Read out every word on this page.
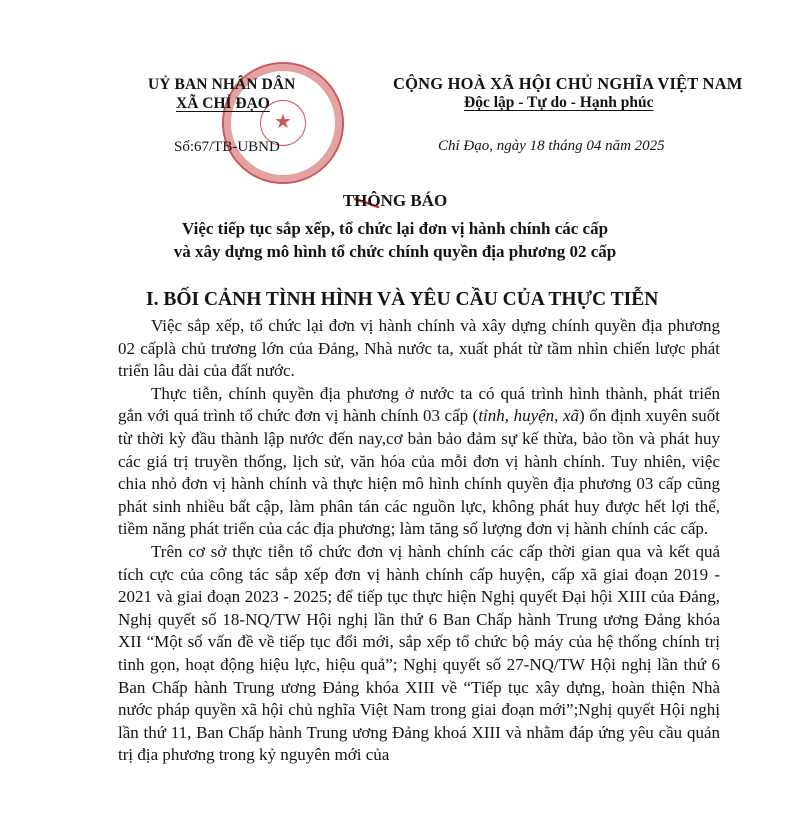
★
UỶ BAN NHÂN DÂN
XÃ CHỈ ĐẠO
Số:67/TB-UBND
CỘNG HOÀ XÃ HỘI CHỦ NGHĨA VIỆT NAM
Độc lập - Tự do - Hạnh phúc
Chỉ Đạo, ngày 18 tháng 04 năm 2025
THÔNG BÁO
Việc tiếp tục sắp xếp, tổ chức lại đơn vị hành chính các cấp
và xây dựng mô hình tổ chức chính quyền địa phương 02 cấp
I. BỐI CẢNH TÌNH HÌNH VÀ YÊU CẦU CỦA THỰC TIỄN

Việc sắp xếp, tổ chức lại đơn vị hành chính và xây dựng chính quyền địa phương 02 cấplà chủ trương lớn của Đảng, Nhà nước ta, xuất phát từ tầm nhìn chiến lược phát triển lâu dài của đất nước.

Thực tiễn, chính quyền địa phương ở nước ta có quá trình hình thành, phát triển gắn với quá trình tổ chức đơn vị hành chính 03 cấp (tỉnh, huyện, xã) ổn định xuyên suốt từ thời kỳ đầu thành lập nước đến nay,cơ bản bảo đảm sự kế thừa, bảo tồn và phát huy các giá trị truyền thống, lịch sử, văn hóa của mỗi đơn vị hành chính. Tuy nhiên, việc chia nhỏ đơn vị hành chính và thực hiện mô hình chính quyền địa phương 03 cấp cũng phát sinh nhiều bất cập, làm phân tán các nguồn lực, không phát huy được hết lợi thế, tiềm năng phát triển của các địa phương; làm tăng số lượng đơn vị hành chính các cấp.

Trên cơ sở thực tiễn tổ chức đơn vị hành chính các cấp thời gian qua và kết quả tích cực của công tác sắp xếp đơn vị hành chính cấp huyện, cấp xã giai đoạn 2019 - 2021 và giai đoạn 2023 - 2025; để tiếp tục thực hiện Nghị quyết Đại hội XIII của Đảng, Nghị quyết số 18-NQ/TW Hội nghị lần thứ 6 Ban Chấp hành Trung ương Đảng khóa XII “Một số vấn đề về tiếp tục đổi mới, sắp xếp tổ chức bộ máy của hệ thống chính trị tinh gọn, hoạt động hiệu lực, hiệu quả”; Nghị quyết số 27-NQ/TW Hội nghị lần thứ 6 Ban Chấp hành Trung ương Đảng khóa XIII về “Tiếp tục xây dựng, hoàn thiện Nhà nước pháp quyền xã hội chủ nghĩa Việt Nam trong giai đoạn mới”;Nghị quyết Hội nghị lần thứ 11, Ban Chấp hành Trung ương Đảng khoá XIII và nhằm đáp ứng yêu cầu quản trị địa phương trong kỷ nguyên mới của
